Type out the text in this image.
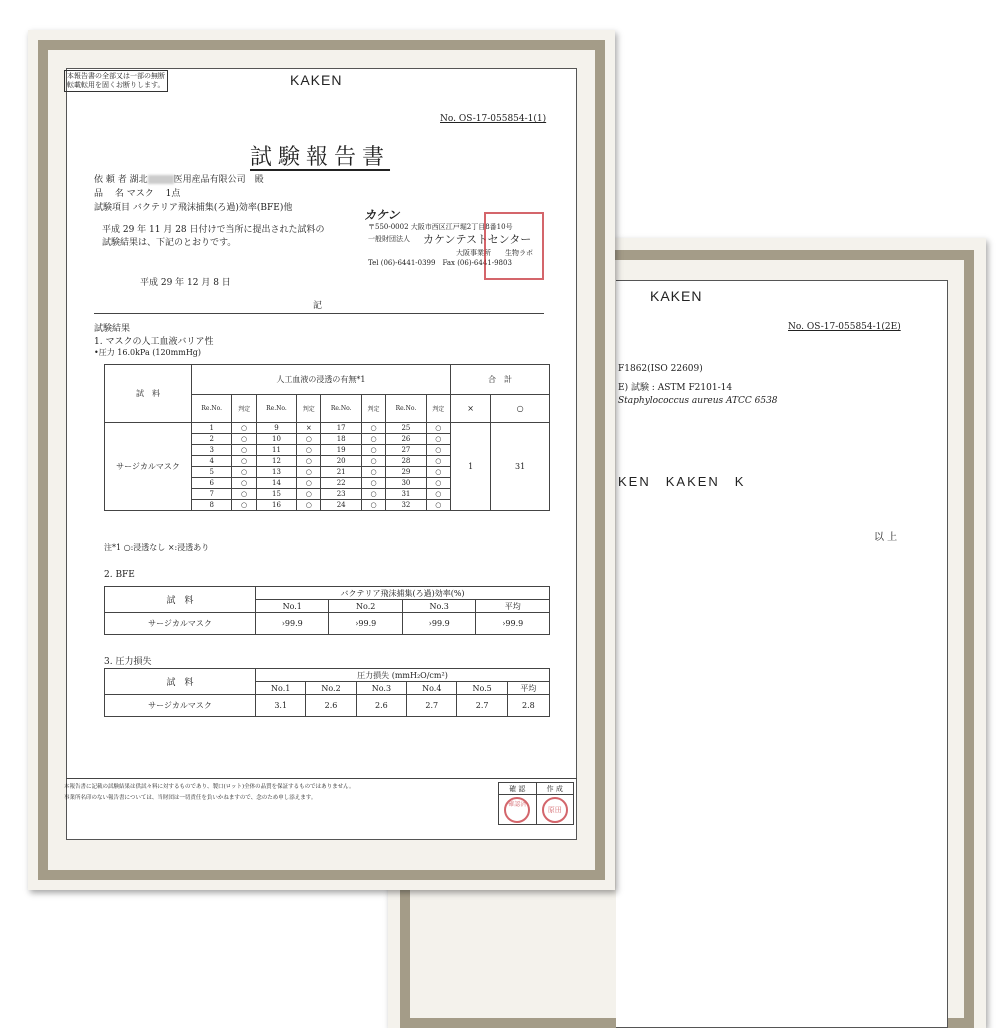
KAKEN
No. OS-17-055854-1(2E)
F1862(ISO 22609)
E) 試験 : ASTM F2101-14
Staphylococcus aureus ATCC 6538
KEN　KAKEN　K
以 上
本報告書の全部又は一部の無断
転載転用を固くお断りします。	KAKEN
No. OS-17-055854-1(1)
試験報告書
依 頼 者 湖北	医用産品有限公司　殿
品　 名 マスク　 1点
試験項目 バクテリア飛沫捕集(ろ過)効率(BFE)他
平成 29 年 11 月 28 日付けで当所に提出された試料の
試験結果は、下記のとおりです。
平成 29 年 12 月 8 日
カケン
〒550-0002 大阪市西区江戸堀2丁目8番10号
一般財団法人 カケンテストセンター
大阪事業所　　生物ラボ
Tel (06)-6441-0399　Fax (06)-6441-9803
記
試験結果
1. マスクの人工血液バリア性
•圧力 16.0kPa (120mmHg)
試　料	人工血液の浸透の有無*1								合　計	
	Re.No.	判定	Re.No.	判定	Re.No.	判定	Re.No.	判定	×	○
サージカルマスク	1	○	9	×	17	○	25	○	1	31
	2	○	10	○	18	○	26	○		
	3	○	11	○	19	○	27	○		
	4	○	12	○	20	○	28	○		
	5	○	13	○	21	○	29	○		
	6	○	14	○	22	○	30	○		
	7	○	15	○	23	○	31	○		
	8	○	16	○	24	○	32	○		
注*1 ○:浸透なし ×:浸透あり
2. BFE
試　料	バクテリア飛沫捕集(ろ過)効率(%)			
	No.1	No.2	No.3	平均
サージカルマスク	›99.9	›99.9	›99.9	›99.9
3. 圧力損失
試　料	圧力損失 (mmH₂O/cm²)					
	No.1	No.2	No.3	No.4	No.5	平均
サージカルマスク	3.1	2.6	2.6	2.7	2.7	2.8
本報告書に記載の試験結果は供試々料に対するものであり、製口(ロット)全体の品質を保証するものではありません。
事業所名印のない報告書については、当財団は一切責任を負いかねますので、念のため申し添えます。
確 認	作 成
確認済	原田
